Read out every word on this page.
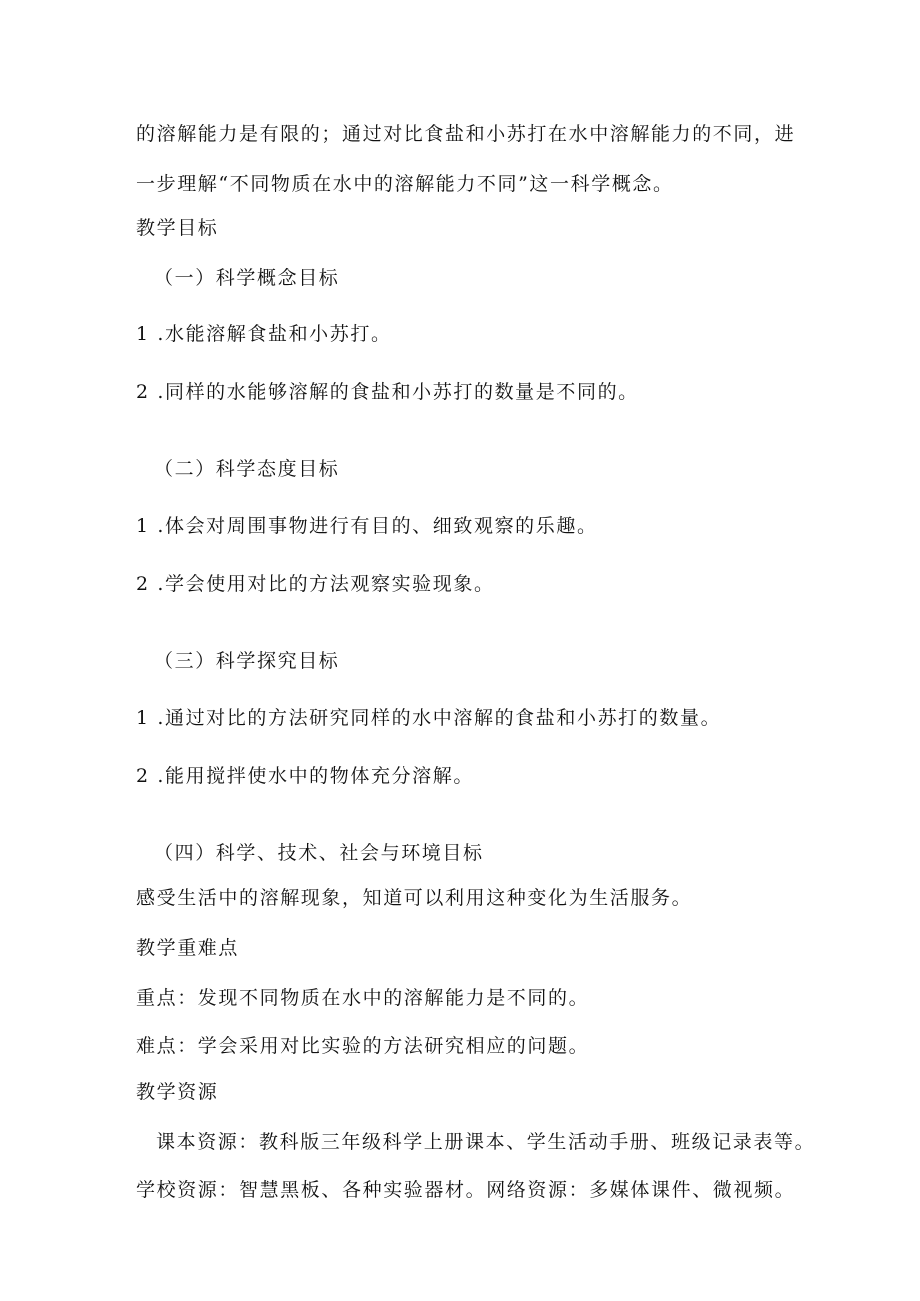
的溶解能力是有限的；通过对比食盐和小苏打在水中溶解能力的不同，进
一步理解“不同物质在水中的溶解能力不同”这一科学概念。
教学目标
（一）科学概念目标
1 .水能溶解食盐和小苏打。
2 .同样的水能够溶解的食盐和小苏打的数量是不同的。
（二）科学态度目标
1 .体会对周围事物进行有目的、细致观察的乐趣。
2 .学会使用对比的方法观察实验现象。
（三）科学探究目标
1 .通过对比的方法研究同样的水中溶解的食盐和小苏打的数量。
2 .能用搅拌使水中的物体充分溶解。
（四）科学、技术、社会与环境目标
感受生活中的溶解现象，知道可以利用这种变化为生活服务。
教学重难点
重点：发现不同物质在水中的溶解能力是不同的。
难点：学会采用对比实验的方法研究相应的问题。
教学资源
课本资源：教科版三年级科学上册课本、学生活动手册、班级记录表等。
学校资源：智慧黑板、各种实验器材。网络资源：多媒体课件、微视频。
